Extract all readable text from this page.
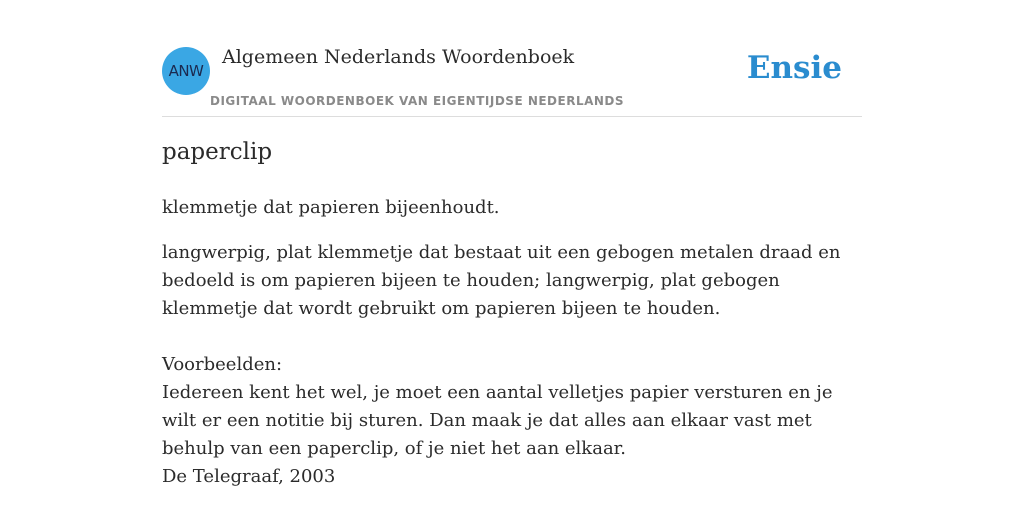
ANW
Algemeen Nederlands Woordenboek
DIGITAAL WOORDENBOEK VAN EIGENTIJDSE NEDERLANDS
Ensie
paperclip
klemmetje dat papieren bijeenhoudt.

langwerpig, plat klemmetje dat bestaat uit een gebogen metalen draad en bedoeld is om papieren bijeen te houden; langwerpig, plat gebogen klemmetje dat wordt gebruikt om papieren bijeen te houden.

Voorbeelden:
Iedereen kent het wel, je moet een aantal velletjes papier versturen en je wilt er een notitie bij sturen. Dan maak je dat alles aan elkaar vast met behulp van een paperclip, of je niet het aan elkaar.
De Telegraaf, 2003
